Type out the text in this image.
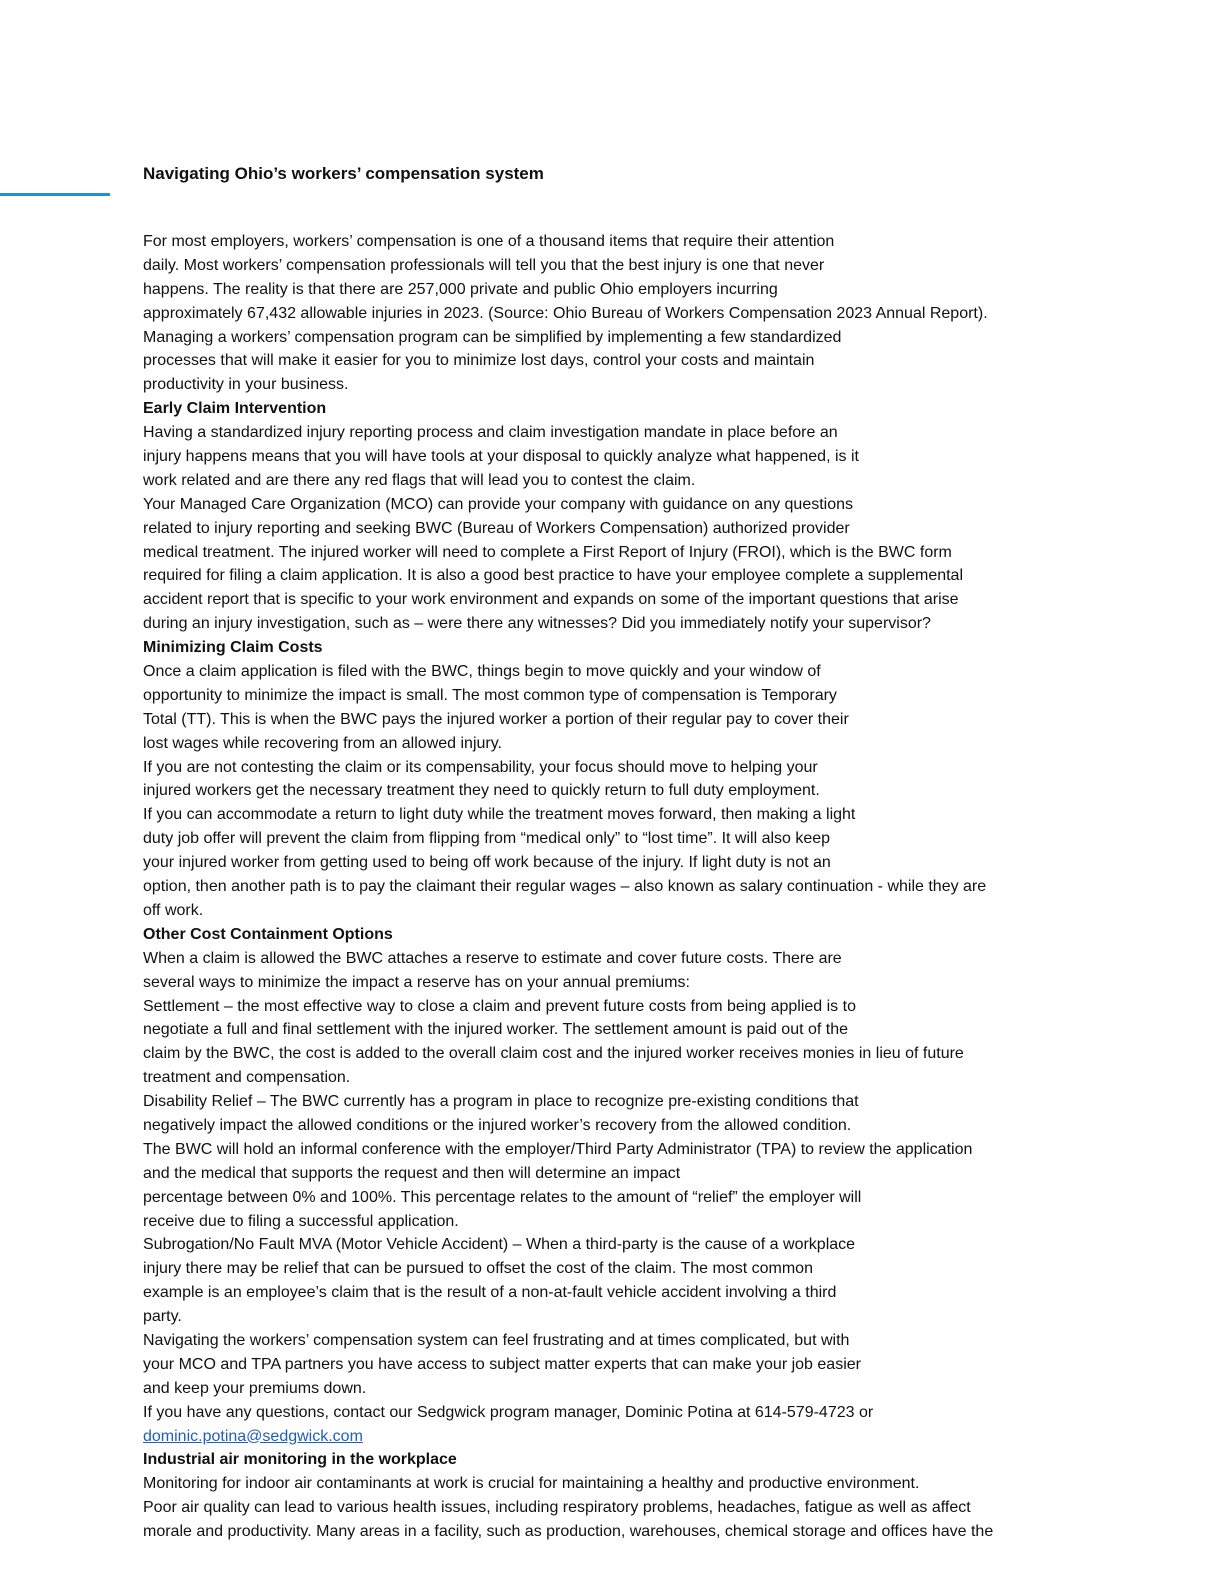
Navigating Ohio’s workers’ compensation system
For most employers, workers’ compensation is one of a thousand items that require their attention
daily. Most workers’ compensation professionals will tell you that the best injury is one that never
happens. The reality is that there are 257,000 private and public Ohio employers incurring
approximately 67,432 allowable injuries in 2023. (Source: Ohio Bureau of Workers Compensation 2023 Annual Report).
Managing a workers’ compensation program can be simplified by implementing a few standardized
processes that will make it easier for you to minimize lost days, control your costs and maintain
productivity in your business.
Early Claim Intervention
Having a standardized injury reporting process and claim investigation mandate in place before an
injury happens means that you will have tools at your disposal to quickly analyze what happened, is it
work related and are there any red flags that will lead you to contest the claim.
Your Managed Care Organization (MCO) can provide your company with guidance on any questions
related to injury reporting and seeking BWC (Bureau of Workers Compensation) authorized provider
medical treatment. The injured worker will need to complete a First Report of Injury (FROI), which is the BWC form
required for filing a claim application. It is also a good best practice to have your employee complete a supplemental
accident report that is specific to your work environment and expands on some of the important questions that arise
during an injury investigation, such as – were there any witnesses? Did you immediately notify your supervisor?
Minimizing Claim Costs
Once a claim application is filed with the BWC, things begin to move quickly and your window of
opportunity to minimize the impact is small. The most common type of compensation is Temporary
Total (TT). This is when the BWC pays the injured worker a portion of their regular pay to cover their
lost wages while recovering from an allowed injury.
If you are not contesting the claim or its compensability, your focus should move to helping your
injured workers get the necessary treatment they need to quickly return to full duty employment.
If you can accommodate a return to light duty while the treatment moves forward, then making a light
duty job offer will prevent the claim from flipping from “medical only” to “lost time”. It will also keep
your injured worker from getting used to being off work because of the injury. If light duty is not an
option, then another path is to pay the claimant their regular wages – also known as salary continuation - while they are
off work.
Other Cost Containment Options
When a claim is allowed the BWC attaches a reserve to estimate and cover future costs. There are
several ways to minimize the impact a reserve has on your annual premiums:
Settlement – the most effective way to close a claim and prevent future costs from being applied is to
negotiate a full and final settlement with the injured worker. The settlement amount is paid out of the
claim by the BWC, the cost is added to the overall claim cost and the injured worker receives monies in lieu of future
treatment and compensation.
Disability Relief – The BWC currently has a program in place to recognize pre-existing conditions that
negatively impact the allowed conditions or the injured worker’s recovery from the allowed condition.
The BWC will hold an informal conference with the employer/Third Party Administrator (TPA) to review the application
and the medical that supports the request and then will determine an impact
percentage between 0% and 100%. This percentage relates to the amount of “relief” the employer will
receive due to filing a successful application.
Subrogation/No Fault MVA (Motor Vehicle Accident) – When a third-party is the cause of a workplace
injury there may be relief that can be pursued to offset the cost of the claim. The most common
example is an employee’s claim that is the result of a non-at-fault vehicle accident involving a third
party.
Navigating the workers’ compensation system can feel frustrating and at times complicated, but with
your MCO and TPA partners you have access to subject matter experts that can make your job easier
and keep your premiums down.
If you have any questions, contact our Sedgwick program manager, Dominic Potina at 614-579-4723 or
dominic.potina@sedgwick.com
Industrial air monitoring in the workplace
Monitoring for indoor air contaminants at work is crucial for maintaining a healthy and productive environment.
Poor air quality can lead to various health issues, including respiratory problems, headaches, fatigue as well as affect
morale and productivity. Many areas in a facility, such as production, warehouses, chemical storage and offices have the
